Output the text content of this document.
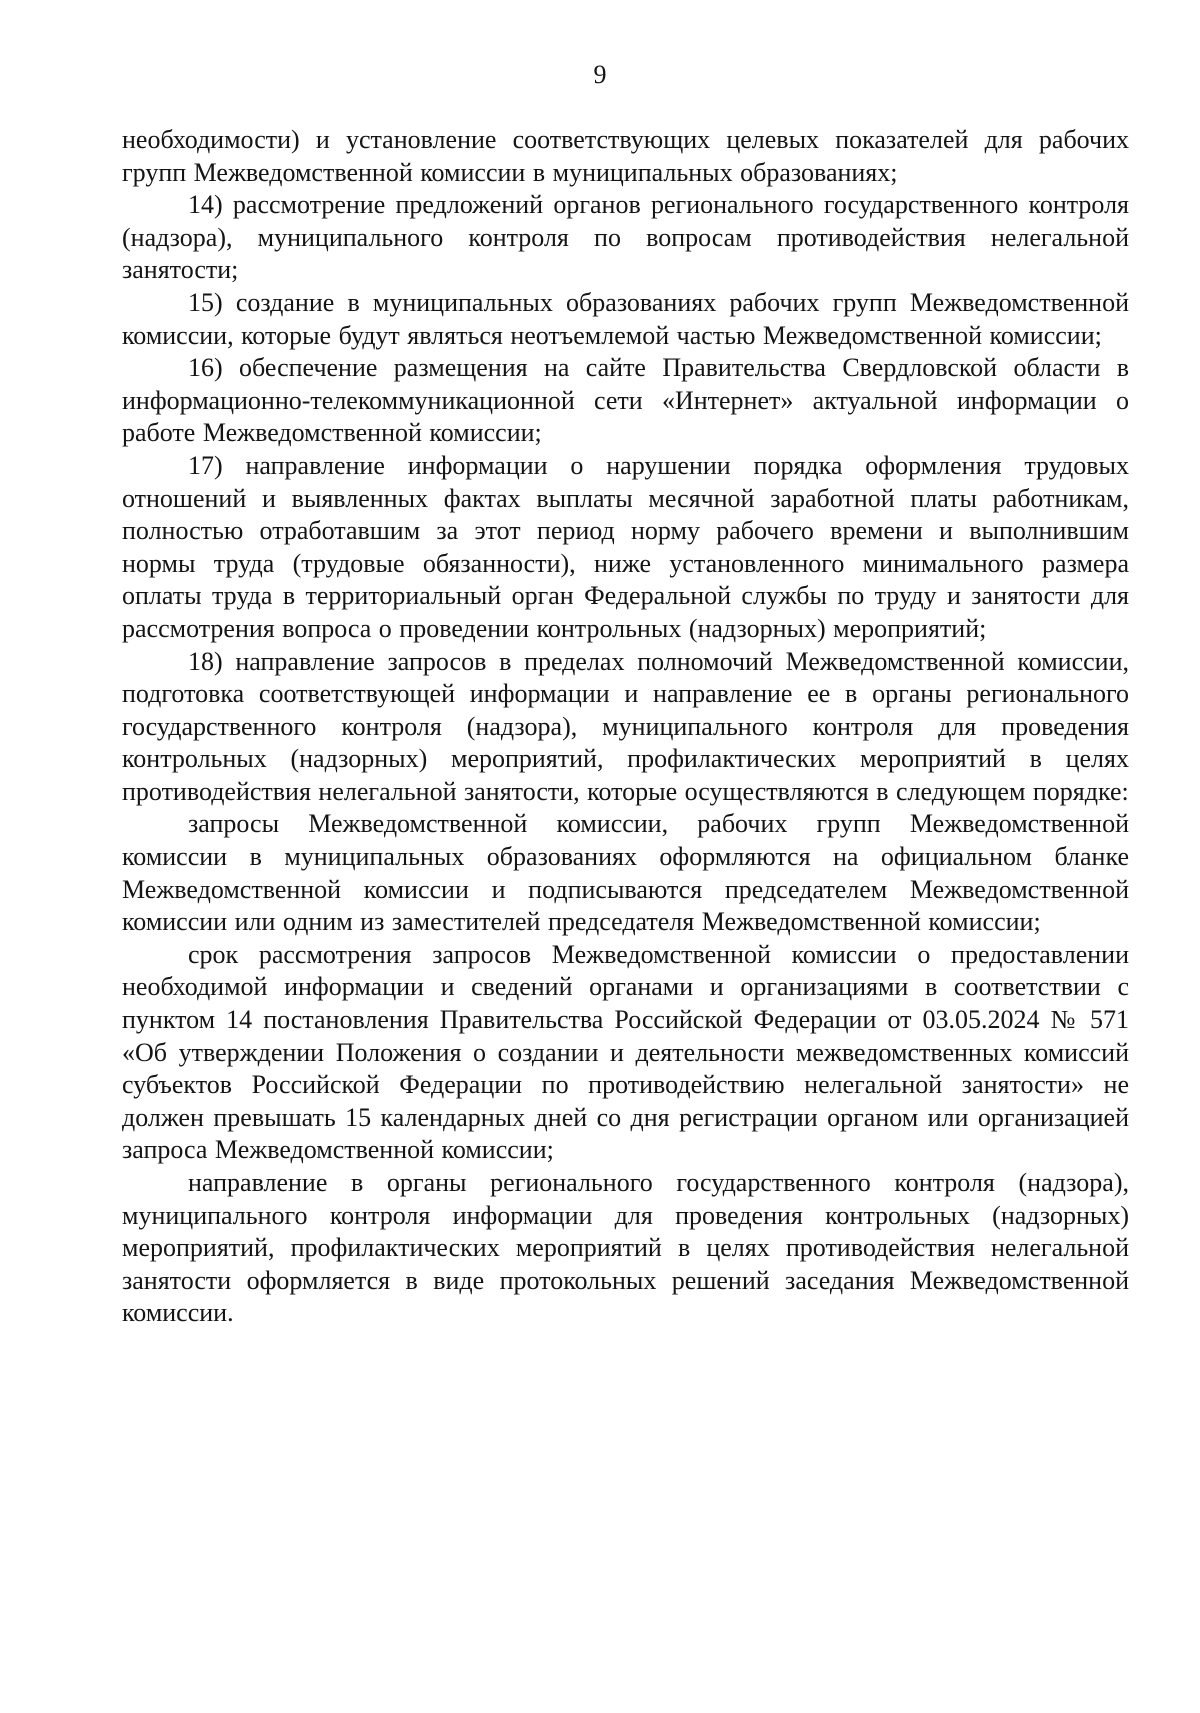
9

необходимости) и установление соответствующих целевых показателей для рабочих групп Межведомственной комиссии в муниципальных образованиях;

14) рассмотрение предложений органов регионального государственного контроля (надзора), муниципального контроля по вопросам противодействия нелегальной занятости;

15) создание в муниципальных образованиях рабочих групп Межведомственной комиссии, которые будут являться неотъемлемой частью Межведомственной комиссии;

16) обеспечение размещения на сайте Правительства Свердловской области в информационно-телекоммуникационной сети «Интернет» актуальной информации о работе Межведомственной комиссии;

17) направление информации о нарушении порядка оформления трудовых отношений и выявленных фактах выплаты месячной заработной платы работникам, полностью отработавшим за этот период норму рабочего времени и выполнившим нормы труда (трудовые обязанности), ниже установленного минимального размера оплаты труда в территориальный орган Федеральной службы по труду и занятости для рассмотрения вопроса о проведении контрольных (надзорных) мероприятий;

18) направление запросов в пределах полномочий Межведомственной комиссии, подготовка соответствующей информации и направление ее в органы регионального государственного контроля (надзора), муниципального контроля для проведения контрольных (надзорных) мероприятий, профилактических мероприятий в целях противодействия нелегальной занятости, которые осуществляются в следующем порядке:

запросы Межведомственной комиссии, рабочих групп Межведомственной комиссии в муниципальных образованиях оформляются на официальном бланке Межведомственной комиссии и подписываются председателем Межведомственной комиссии или одним из заместителей председателя Межведомственной комиссии;

срок рассмотрения запросов Межведомственной комиссии о предоставлении необходимой информации и сведений органами и организациями в соответствии с пунктом 14 постановления Правительства Российской Федерации от 03.05.2024 № 571 «Об утверждении Положения о создании и деятельности межведомственных комиссий субъектов Российской Федерации по противодействию нелегальной занятости» не должен превышать 15 календарных дней со дня регистрации органом или организацией запроса Межведомственной комиссии;

направление в органы регионального государственного контроля (надзора), муниципального контроля информации для проведения контрольных (надзорных) мероприятий, профилактических мероприятий в целях противодействия нелегальной занятости оформляется в виде протокольных решений заседания Межведомственной комиссии.
